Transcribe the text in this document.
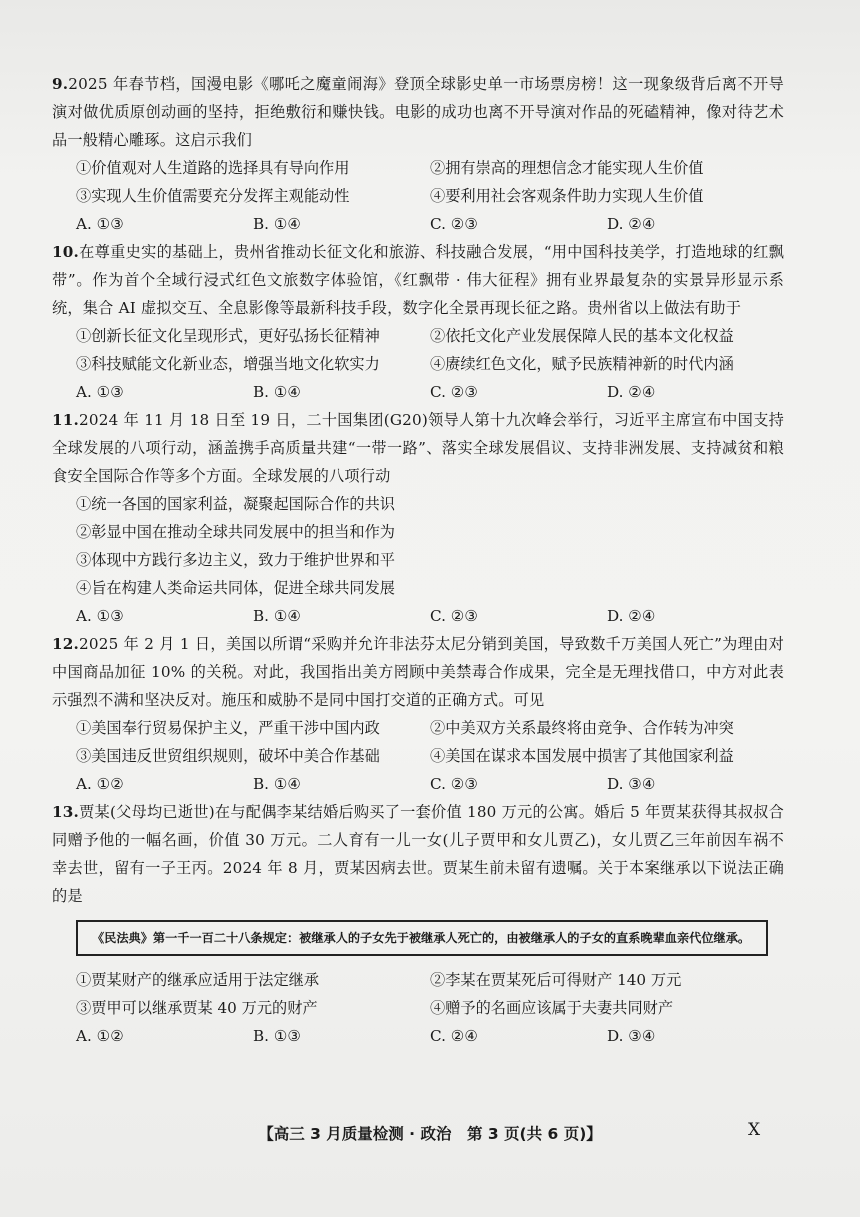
9.2025 年春节档，国漫电影《哪吒之魔童闹海》登顶全球影史单一市场票房榜！这一现象级背后离不开导演对做优质原创动画的坚持，拒绝敷衍和赚快钱。电影的成功也离不开导演对作品的死磕精神，像对待艺术品一般精心雕琢。这启示我们
①价值观对人生道路的选择具有导向作用	②拥有崇高的理想信念才能实现人生价值
③实现人生价值需要充分发挥主观能动性	④要利用社会客观条件助力实现人生价值
A. ①③	B. ①④	C. ②③	D. ②④
10.在尊重史实的基础上，贵州省推动长征文化和旅游、科技融合发展，“用中国科技美学，打造地球的红飘带”。作为首个全域行浸式红色文旅数字体验馆，《红飘带 · 伟大征程》拥有业界最复杂的实景异形显示系统，集合 AI 虚拟交互、全息影像等最新科技手段，数字化全景再现长征之路。贵州省以上做法有助于
①创新长征文化呈现形式，更好弘扬长征精神	②依托文化产业发展保障人民的基本文化权益
③科技赋能文化新业态，增强当地文化软实力	④赓续红色文化，赋予民族精神新的时代内涵
A. ①③	B. ①④	C. ②③	D. ②④
11.2024 年 11 月 18 日至 19 日，二十国集团(G20)领导人第十九次峰会举行，习近平主席宣布中国支持全球发展的八项行动，涵盖携手高质量共建“一带一路”、落实全球发展倡议、支持非洲发展、支持减贫和粮食安全国际合作等多个方面。全球发展的八项行动
①统一各国的国家利益，凝聚起国际合作的共识
②彰显中国在推动全球共同发展中的担当和作为
③体现中方践行多边主义，致力于维护世界和平
④旨在构建人类命运共同体，促进全球共同发展
A. ①③	B. ①④	C. ②③	D. ②④
12.2025 年 2 月 1 日，美国以所谓“采购并允许非法芬太尼分销到美国，导致数千万美国人死亡”为理由对中国商品加征 10% 的关税。对此，我国指出美方罔顾中美禁毒合作成果，完全是无理找借口，中方对此表示强烈不满和坚决反对。施压和威胁不是同中国打交道的正确方式。可见
①美国奉行贸易保护主义，严重干涉中国内政	②中美双方关系最终将由竞争、合作转为冲突
③美国违反世贸组织规则，破坏中美合作基础	④美国在谋求本国发展中损害了其他国家利益
A. ①②	B. ①④	C. ②③	D. ③④
13.贾某(父母均已逝世)在与配偶李某结婚后购买了一套价值 180 万元的公寓。婚后 5 年贾某获得其叔叔合同赠予他的一幅名画，价值 30 万元。二人育有一儿一女(儿子贾甲和女儿贾乙)，女儿贾乙三年前因车祸不幸去世，留有一子王丙。2024 年 8 月，贾某因病去世。贾某生前未留有遗嘱。关于本案继承以下说法正确的是
《民法典》第一千一百二十八条规定：被继承人的子女先于被继承人死亡的，由被继承人的子女的直系晚辈血亲代位继承。
①贾某财产的继承应适用于法定继承	②李某在贾某死后可得财产 140 万元
③贾甲可以继承贾某 40 万元的财产	④赠予的名画应该属于夫妻共同财产
A. ①②	B. ①③	C. ②④	D. ③④
【高三 3 月质量检测 · 政治　第 3 页(共 6 页)】	X
